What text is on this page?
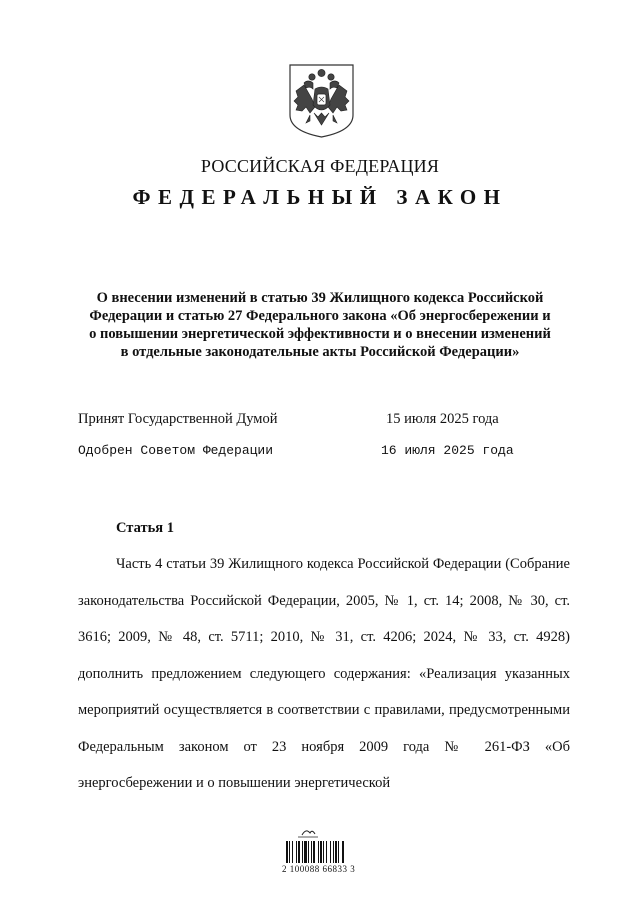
РОССИЙСКАЯ ФЕДЕРАЦИЯ
ФЕДЕРАЛЬНЫЙ ЗАКОН
О внесении изменений в статью 39 Жилищного кодекса Российской
Федерации и статью 27 Федерального закона «Об энергосбережении и
о повышении энергетической эффективности и о внесении изменений
в отдельные законодательные акты Российской Федерации»
Принят Государственной Думой	15 июля 2025 года
Одобрен Советом Федерации	16 июля 2025 года
Статья 1
Часть 4 статьи 39 Жилищного кодекса Российской Федерации (Собрание законодательства Российской Федерации, 2005, № 1, ст. 14; 2008, № 30, ст. 3616; 2009, № 48, ст. 5711; 2010, № 31, ст. 4206; 2024, № 33, ст. 4928) дополнить предложением следующего содержания: «Реализация указанных мероприятий осуществляется в соответствии с правилами, предусмотренными Федеральным законом от 23 ноября 2009 года № 261-ФЗ «Об энергосбережении и о повышении энергетической
2 100088 66833 3
